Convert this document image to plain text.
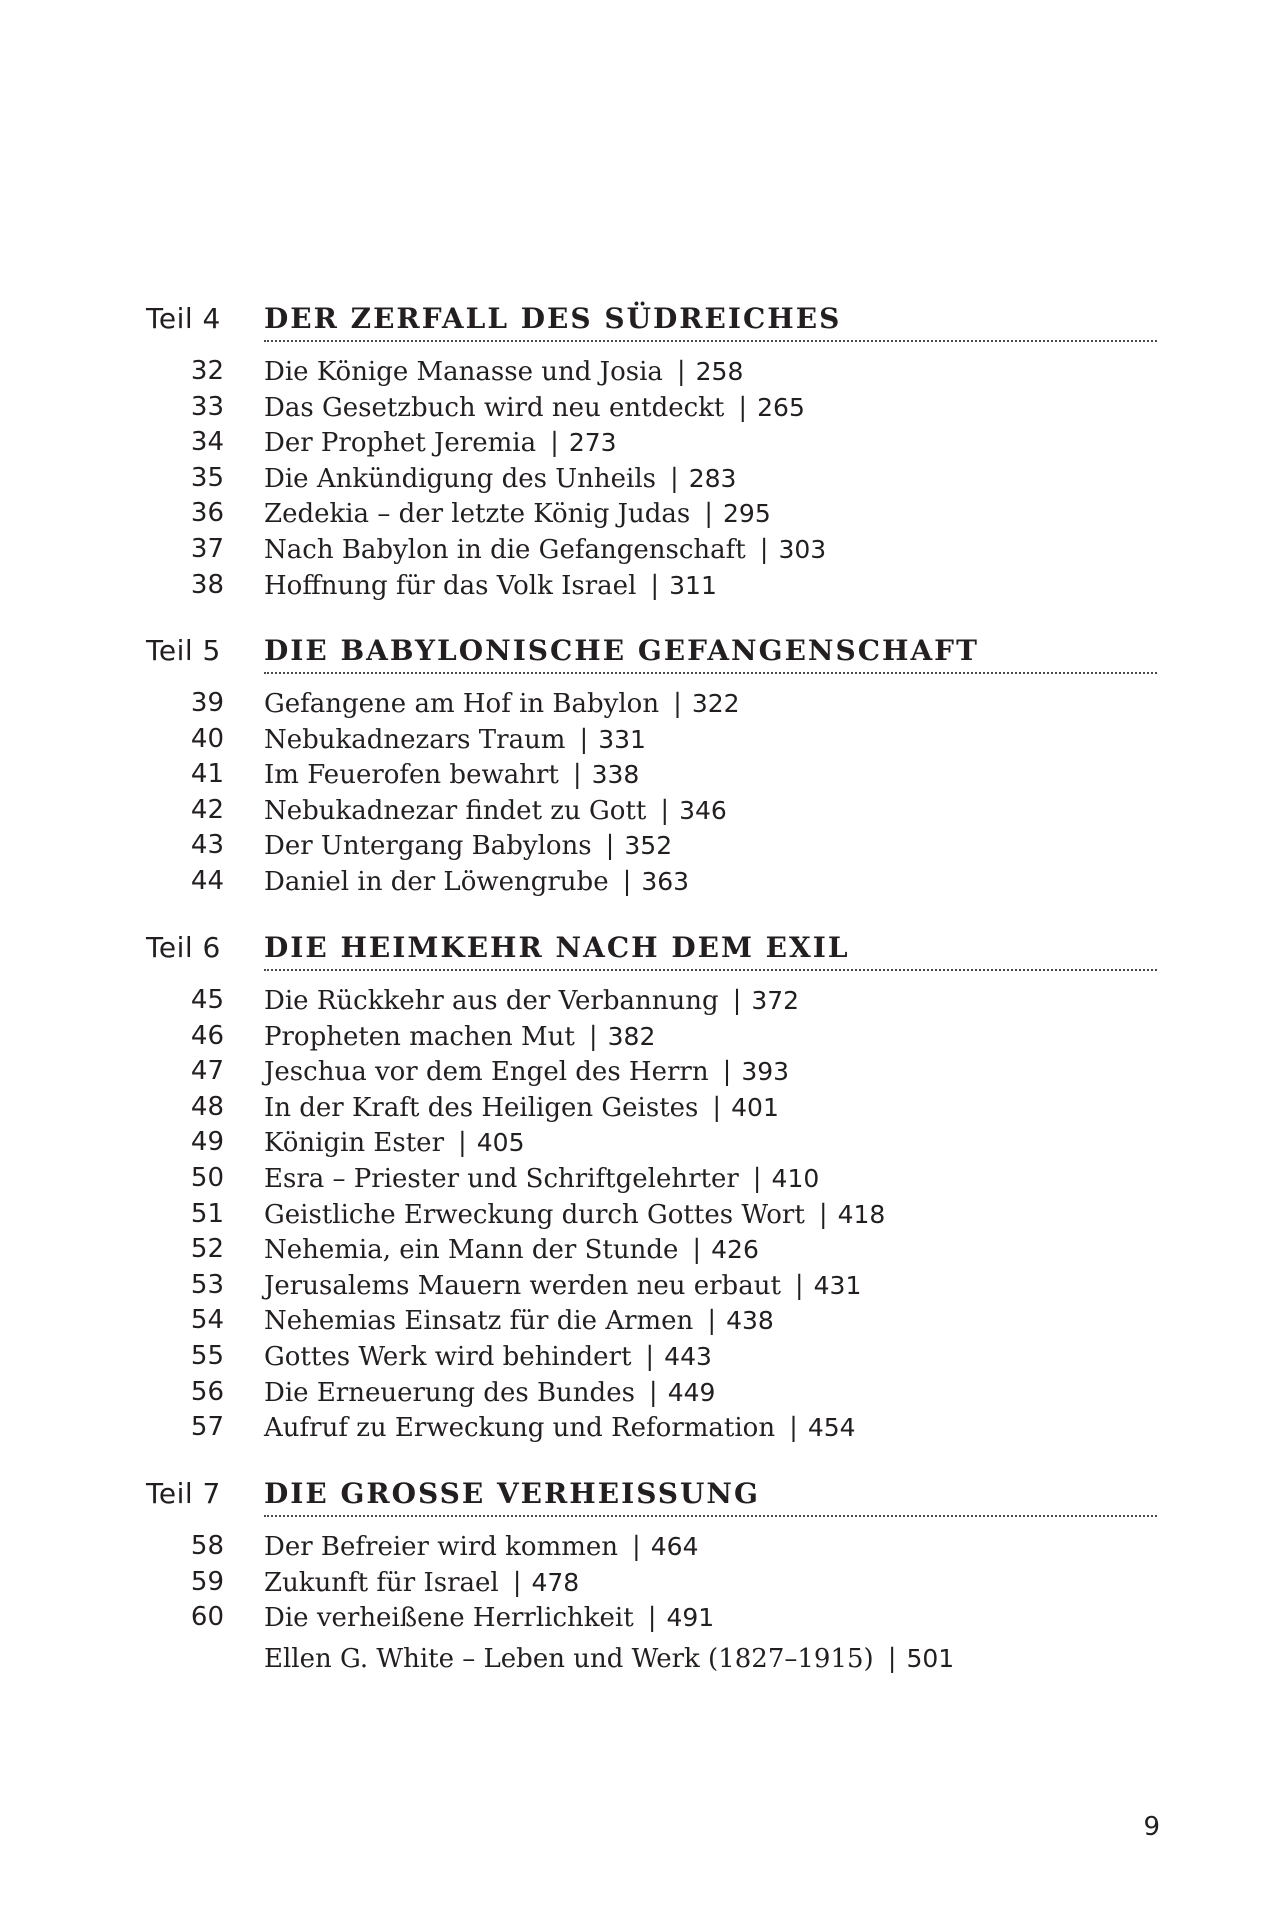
Teil 4 DER ZERFALL DES SÜDREICHES
32 Die Könige Manasse und Josia | 258
33 Das Gesetzbuch wird neu entdeckt | 265
34 Der Prophet Jeremia | 273
35 Die Ankündigung des Unheils | 283
36 Zedekia – der letzte König Judas | 295
37 Nach Babylon in die Gefangenschaft | 303
38 Hoffnung für das Volk Israel | 311
Teil 5 DIE BABYLONISCHE GEFANGENSCHAFT
39 Gefangene am Hof in Babylon | 322
40 Nebukadnezars Traum | 331
41 Im Feuerofen bewahrt | 338
42 Nebukadnezar findet zu Gott | 346
43 Der Untergang Babylons | 352
44 Daniel in der Löwengrube | 363
Teil 6 DIE HEIMKEHR NACH DEM EXIL
45 Die Rückkehr aus der Verbannung | 372
46 Propheten machen Mut | 382
47 Jeschua vor dem Engel des Herrn | 393
48 In der Kraft des Heiligen Geistes | 401
49 Königin Ester | 405
50 Esra – Priester und Schriftgelehrter | 410
51 Geistliche Erweckung durch Gottes Wort | 418
52 Nehemia, ein Mann der Stunde | 426
53 Jerusalems Mauern werden neu erbaut | 431
54 Nehemias Einsatz für die Armen | 438
55 Gottes Werk wird behindert | 443
56 Die Erneuerung des Bundes | 449
57 Aufruf zu Erweckung und Reformation | 454
Teil 7 DIE GROSSE VERHEISSUNG
58 Der Befreier wird kommen | 464
59 Zukunft für Israel | 478
60 Die verheißene Herrlichkeit | 491
Ellen G. White – Leben und Werk (1827–1915) | 501
9
